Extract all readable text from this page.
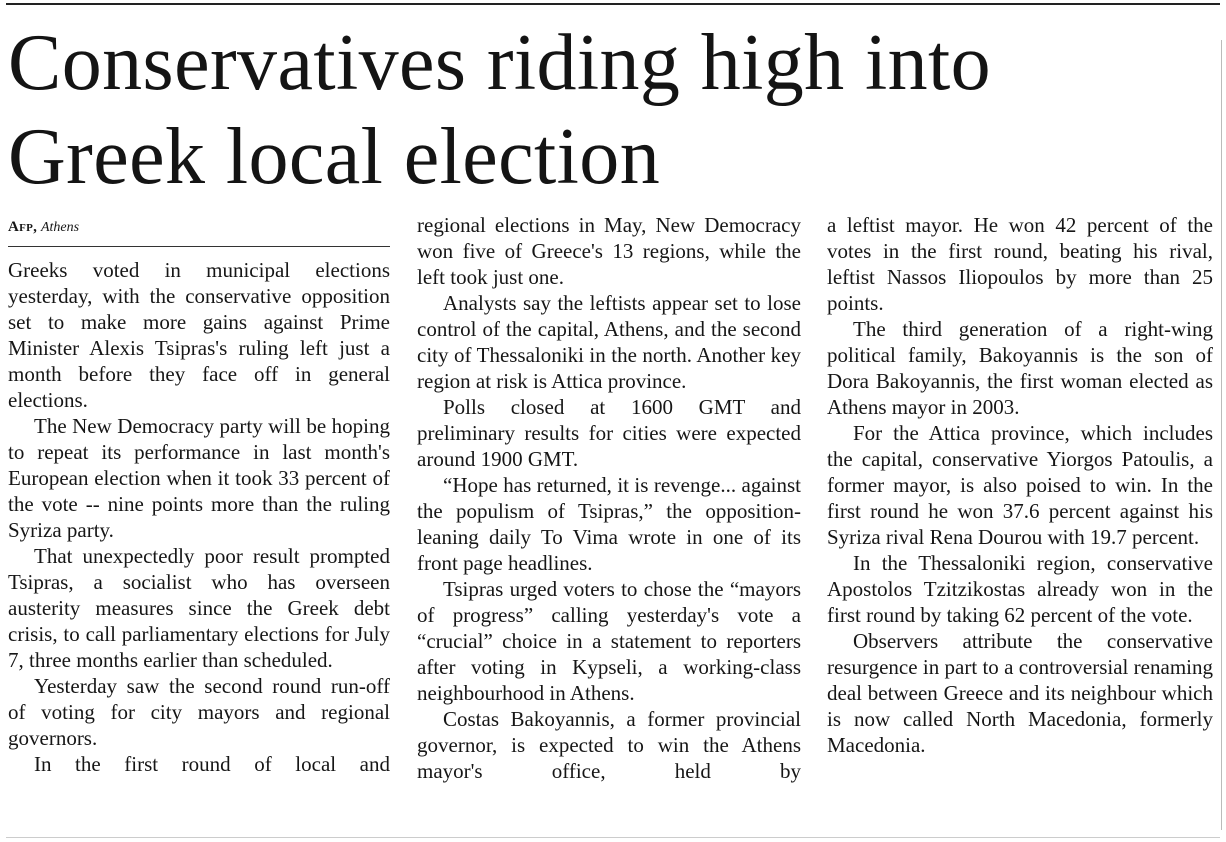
Conservatives riding high into
Greek local election
Afp, Athens

Greeks voted in municipal elections yesterday, with the conservative opposition set to make more gains against Prime Minister Alexis Tsipras's ruling left just a month before they face off in general elections.

The New Democracy party will be hoping to repeat its performance in last month's European election when it took 33 percent of the vote -- nine points more than the ruling Syriza party.

That unexpectedly poor result prompted Tsipras, a socialist who has overseen austerity measures since the Greek debt crisis, to call parliamentary elections for July 7, three months earlier than scheduled.

Yesterday saw the second round run-off of voting for city mayors and regional governors.

In the first round of local and

regional elections in May, New Democracy won five of Greece's 13 regions, while the left took just one.

Analysts say the leftists appear set to lose control of the capital, Athens, and the second city of Thessaloniki in the north. Another key region at risk is Attica province.

Polls closed at 1600 GMT and preliminary results for cities were expected around 1900 GMT.

“Hope has returned, it is revenge... against the populism of Tsipras,” the opposition-leaning daily To Vima wrote in one of its front page headlines.

Tsipras urged voters to chose the “mayors of progress” calling yesterday's vote a “crucial” choice in a statement to reporters after voting in Kypseli, a working-class neighbourhood in Athens.

Costas Bakoyannis, a former provincial governor, is expected to win the Athens mayor's office, held by

a leftist mayor. He won 42 percent of the votes in the first round, beating his rival, leftist Nassos Iliopoulos by more than 25 points.

The third generation of a right-wing political family, Bakoyannis is the son of Dora Bakoyannis, the first woman elected as Athens mayor in 2003.

For the Attica province, which includes the capital, conservative Yiorgos Patoulis, a former mayor, is also poised to win. In the first round he won 37.6 percent against his Syriza rival Rena Dourou with 19.7 percent.

In the Thessaloniki region, conservative Apostolos Tzitzikostas already won in the first round by taking 62 percent of the vote.

Observers attribute the conservative resurgence in part to a controversial renaming deal between Greece and its neighbour which is now called North Macedonia, formerly Macedonia.
